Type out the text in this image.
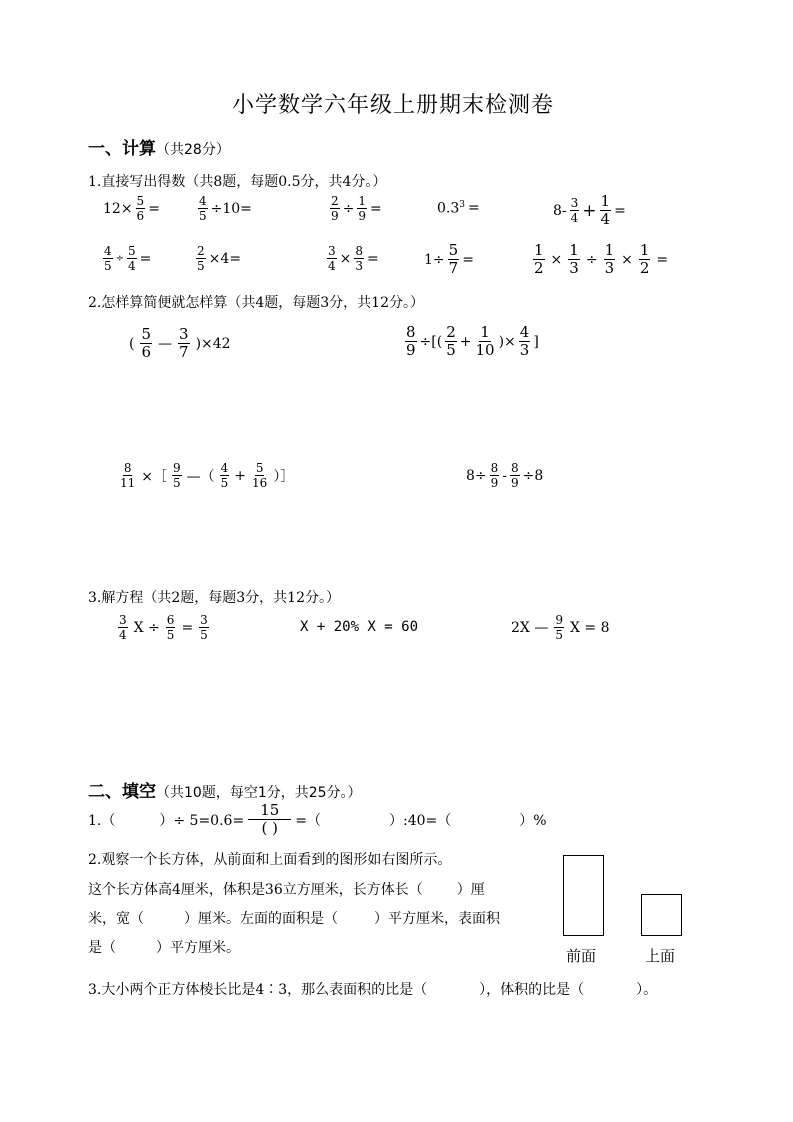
小学数学六年级上册期末检测卷
一、计算（共28分）
1.直接写出得数（共8题，每题0.5分，共4分。）
$12\times \frac{5}{6}$ =	$\frac{4}{5} \div 10=$	$\frac{2}{9} \div \frac{1}{9}$ =	$0.3^3$ =	$8- \frac{3}{4} + \frac{1}{4}$ =
$\frac{4}{5} \div \frac{5}{4}$ =	$\frac{2}{5} \times 4=$	$\frac{3}{4} \times \frac{8}{3}$ =	$1\div \frac{5}{7}$ =	$\frac{1}{2} \times \frac{1}{3} \div \frac{1}{3} \times \frac{1}{2}$ =
2.怎样算简便就怎样算（共4题，每题3分，共12分。）
( $\frac{5}{6}$ — $\frac{3}{7} )\times 42$	$\frac{8}{9}$ ÷[( $\frac{2}{5} + \frac{1}{10}$ )× $\frac{4}{3}$ ]
$\frac{8}{11}$ ×［ $\frac{9}{5}$ —（ $\frac{4}{5} + \frac{5}{16}$ ）］	$8\div \frac{8}{9} - \frac{8}{9} \div 8$
3.解方程（共2题，每题3分，共12分。）
$\frac{3}{4}$ $X \div \frac{6}{5} = \frac{3}{5}$	X + 20% X = 60	2X — $\frac{9}{5}$ X = 8
二、填空（共10题，每空1分，共25分。）
1.（	）÷ $5=0.6= \frac{15}{( )}$ =（	）:40=（	）%
2.观察一个长方体，从前面和上面看到的图形如右图所示。
这个长方体高4厘米，体积是36立方厘米，长方体长（ ）厘
米，宽（	）厘米。左面的面积是（	）平方厘米，表面积
是（	）平方厘米。	前面	上面
3.大小两个正方体棱长比是4∶3，那么表面积的比是（	），体积的比是（	）。
